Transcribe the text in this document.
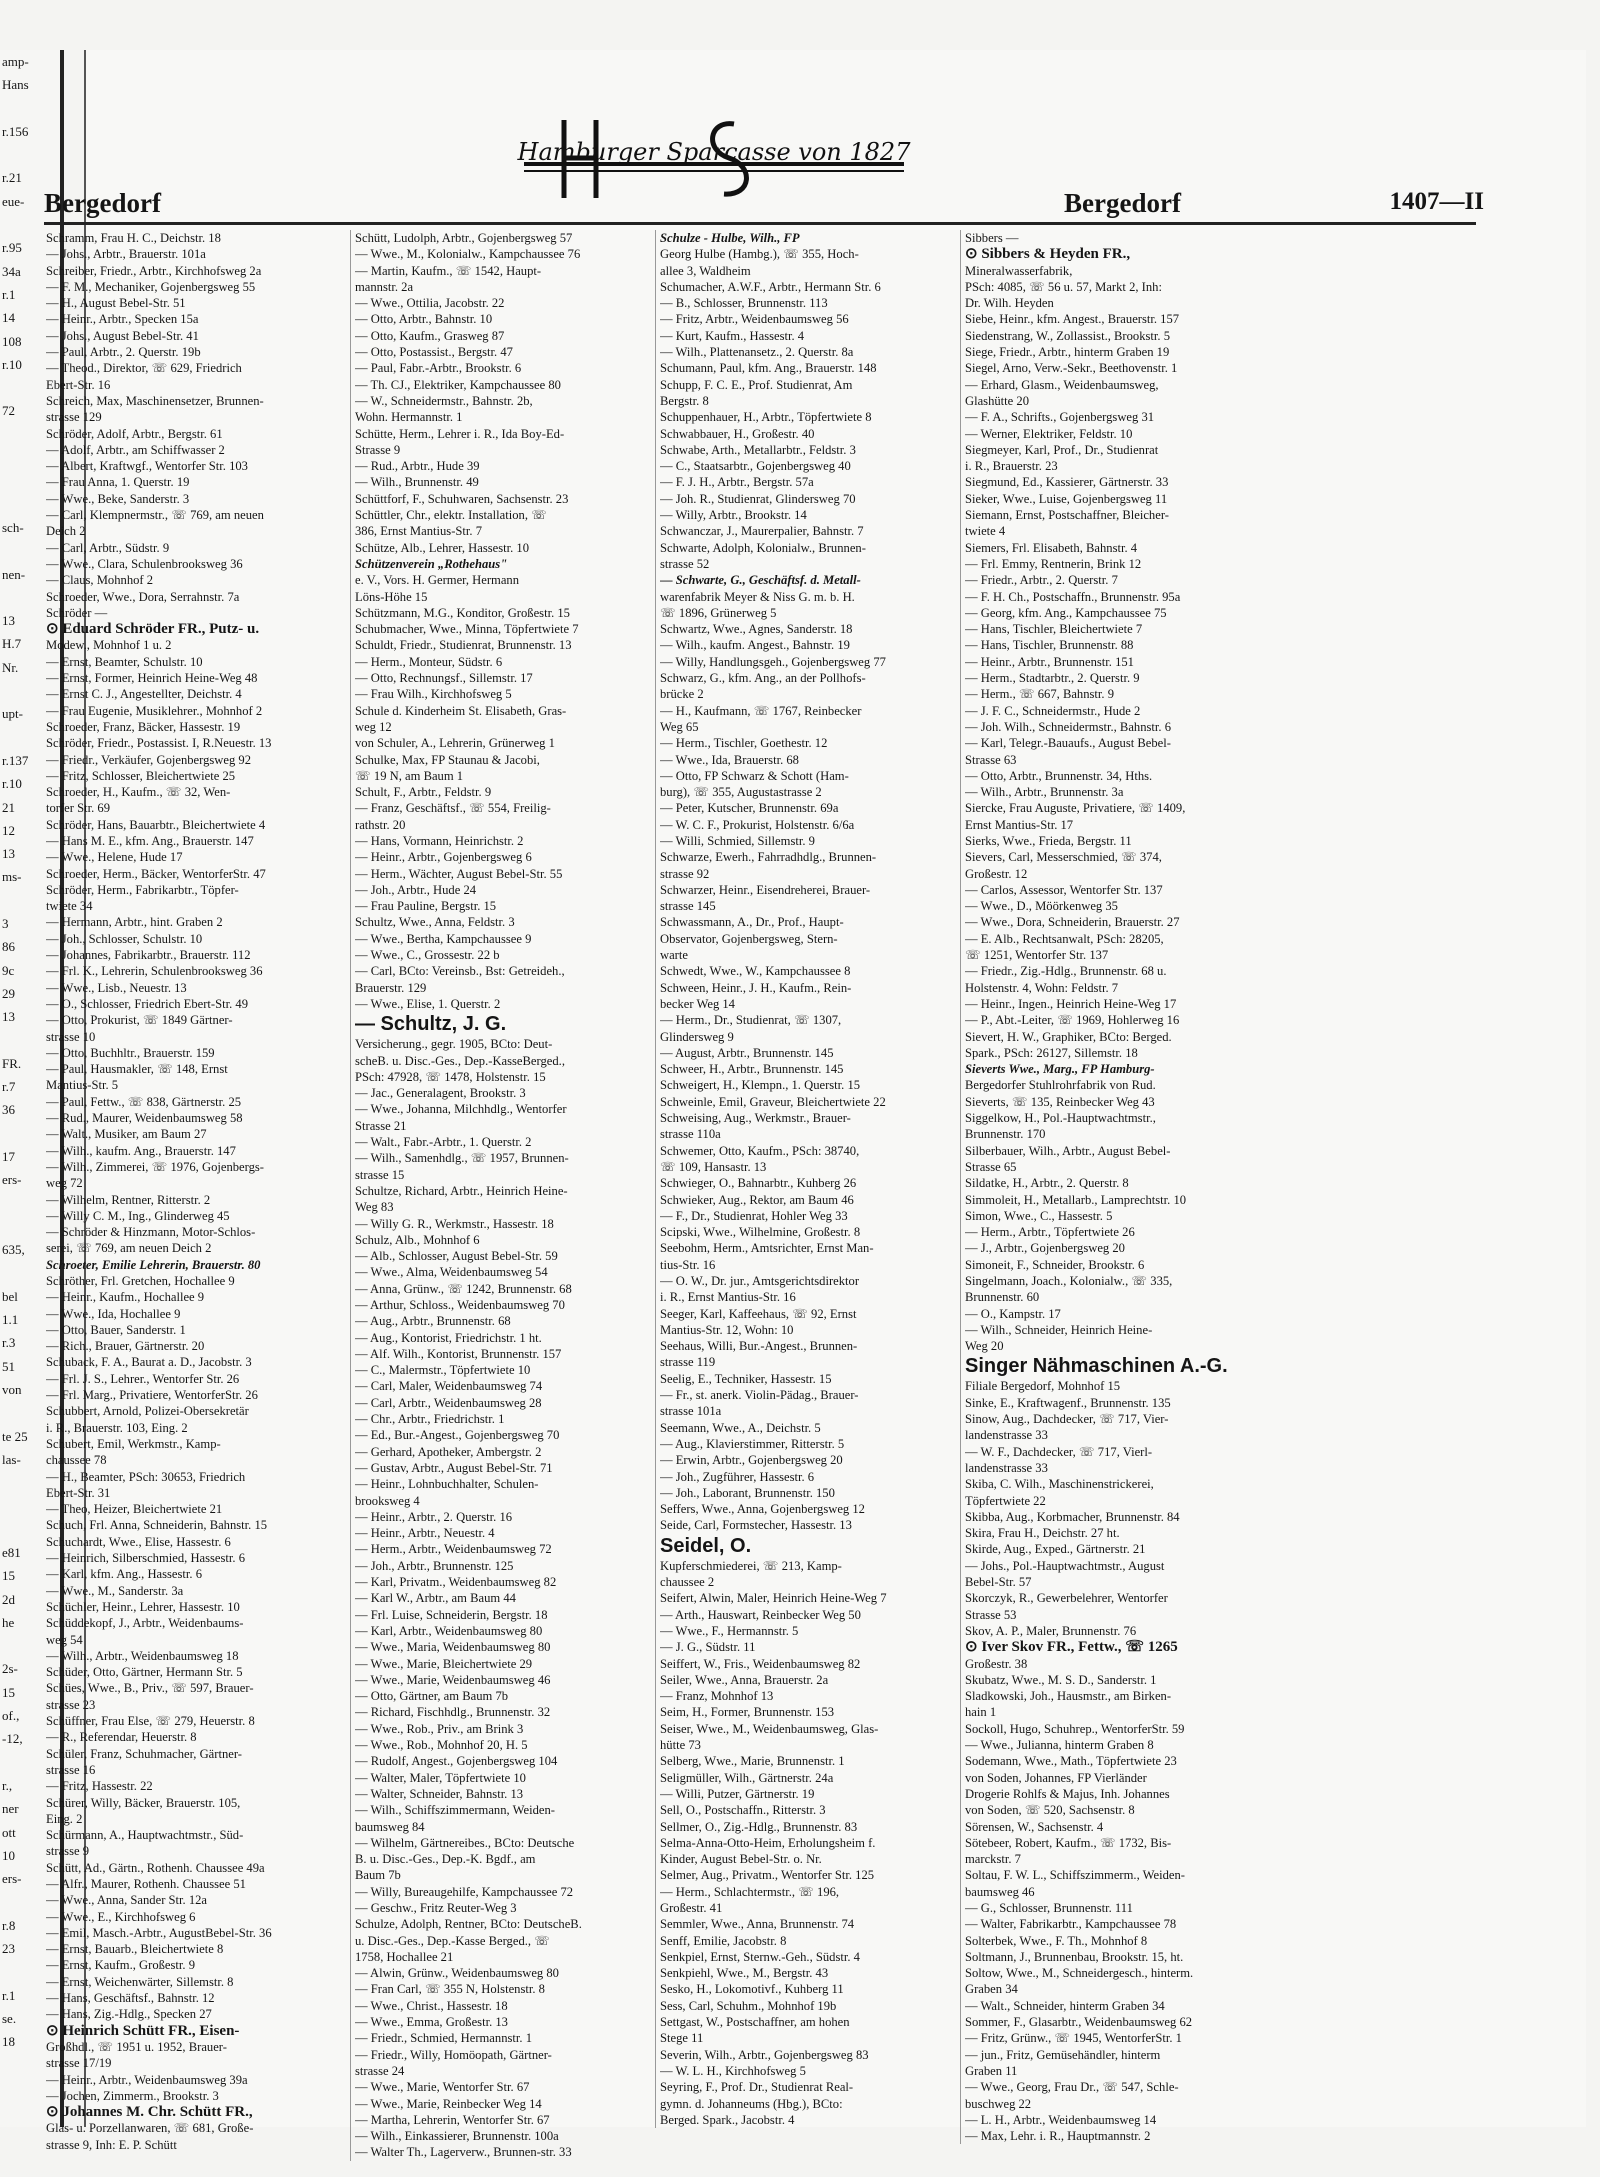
amp-
Hans

r.156

r.21
eue-

r.95
34a
r.1
14
108
r.10

72

sch-

nen-

13
H.7
Nr.

upt-

r.137
r.10
21
12
13
ms-

3
86
9c
29
13

FR.
r.7
36

17
ers-

635,

bel
1.1
r.3
51
von

te 25
las-

e81
15
2d
he

2s-
15
of.,
-12,

r.,
ner
ott
10
ers-

r.8
23

r.1
se.
18
Bergedorf
Hamburger Sparcasse von 1827
Bergedorf	1407—II
Schramm, Frau H. C., Deichstr. 18
— Johs., Arbtr., Brauerstr. 101a
Schreiber, Friedr., Arbtr., Kirchhofsweg 2a
— F. M., Mechaniker, Gojenbergsweg 55
— H., August Bebel-Str. 51
— Heinr., Arbtr., Specken 15a
— Johs., August Bebel-Str. 41
— Paul, Arbtr., 2. Querstr. 19b
— Theod., Direktor, ☏ 629, Friedrich
Ebert-Str. 16
Schreich, Max, Maschinensetzer, Brunnen-
strasse 129
Schröder, Adolf, Arbtr., Bergstr. 61
— Adolf, Arbtr., am Schiffwasser 2
— Albert, Kraftwgf., Wentorfer Str. 103
— Frau Anna, 1. Querstr. 19
— Wwe., Beke, Sanderstr. 3
— Carl, Klempnermstr., ☏ 769, am neuen
Deich 2
— Carl, Arbtr., Südstr. 9
— Wwe., Clara, Schulenbrooksweg 36
— Claus, Mohnhof 2
Schroeder, Wwe., Dora, Serrahnstr. 7a
Schröder —
⊙ Eduard Schröder FR., Putz- u.
Modew., Mohnhof 1 u. 2
— Ernst, Beamter, Schulstr. 10
— Ernst, Former, Heinrich Heine-Weg 48
— Ernst C. J., Angestellter, Deichstr. 4
— Frau Eugenie, Musiklehrer., Mohnhof 2
Schroeder, Franz, Bäcker, Hassestr. 19
Schröder, Friedr., Postassist. I, R.Neuestr. 13
— Friedr., Verkäufer, Gojenbergsweg 92
— Fritz, Schlosser, Bleichertwiete 25
Schroeder, H., Kaufm., ☏ 32, Wen-
torfer Str. 69
Schröder, Hans, Bauarbtr., Bleichertwiete 4
— Hans M. E., kfm. Ang., Brauerstr. 147
— Wwe., Helene, Hude 17
Schroeder, Herm., Bäcker, WentorferStr. 47
Schröder, Herm., Fabrikarbtr., Töpfer-
twiete 34
— Hermann, Arbtr., hint. Graben 2
— Joh., Schlosser, Schulstr. 10
— Johannes, Fabrikarbtr., Brauerstr. 112
— Frl. K., Lehrerin, Schulenbrooksweg 36
— Wwe., Lisb., Neuestr. 13
— O., Schlosser, Friedrich Ebert-Str. 49
— Otto, Prokurist, ☏ 1849 Gärtner-
strasse 10
— Otto, Buchhltr., Brauerstr. 159
— Paul, Hausmakler, ☏ 148, Ernst
Mantius-Str. 5
— Paul, Fettw., ☏ 838, Gärtnerstr. 25
— Rud., Maurer, Weidenbaumsweg 58
— Walt., Musiker, am Baum 27
— Wilh., kaufm. Ang., Brauerstr. 147
— Wilh., Zimmerei, ☏ 1976, Gojenbergs-
weg 72
— Wilhelm, Rentner, Ritterstr. 2
— Willy C. M., Ing., Glinderweg 45
— Schröder & Hinzmann, Motor-Schlos-
serei, ☏ 769, am neuen Deich 2
Schroeter, Emilie Lehrerin, Brauerstr. 80
Schröther, Frl. Gretchen, Hochallee 9
— Heinr., Kaufm., Hochallee 9
— Wwe., Ida, Hochallee 9
— Otto, Bauer, Sanderstr. 1
— Rich., Brauer, Gärtnerstr. 20
Schuback, F. A., Baurat a. D., Jacobstr. 3
— Frl. J. S., Lehrer., Wentorfer Str. 26
— Frl. Marg., Privatiere, WentorferStr. 26
Schubbert, Arnold, Polizei-Obersekretär
i. R., Brauerstr. 103, Eing. 2
Schubert, Emil, Werkmstr., Kamp-
chaussee 78
— H., Beamter, PSch: 30653, Friedrich
Ebert-Str. 31
— Theo, Heizer, Bleichertwiete 21
Schuch, Frl. Anna, Schneiderin, Bahnstr. 15
Schuchardt, Wwe., Elise, Hassestr. 6
— Heinrich, Silberschmied, Hassestr. 6
— Karl, kfm. Ang., Hassestr. 6
— Wwe., M., Sanderstr. 3a
Schüchler, Heinr., Lehrer, Hassestr. 10
Schüddekopf, J., Arbtr., Weidenbaums-
weg 54
— Wilh., Arbtr., Weidenbaumsweg 18
Schüder, Otto, Gärtner, Hermann Str. 5
Schües, Wwe., B., Priv., ☏ 597, Brauer-
strasse 23
Schüffner, Frau Else, ☏ 279, Heuerstr. 8
— R., Referendar, Heuerstr. 8
Schüler, Franz, Schuhmacher, Gärtner-
strasse 16
— Fritz, Hassestr. 22
Schürer, Willy, Bäcker, Brauerstr. 105,
Eing. 2
Schürmann, A., Hauptwachtmstr., Süd-
strasse 9
Schütt, Ad., Gärtn., Rothenh. Chaussee 49a
— Alfr., Maurer, Rothenh. Chaussee 51
— Wwe., Anna, Sander Str. 12a
— Wwe., E., Kirchhofsweg 6
— Emil, Masch.-Arbtr., AugustBebel-Str. 36
— Ernst, Bauarb., Bleichertwiete 8
— Ernst, Kaufm., Großestr. 9
— Ernst, Weichenwärter, Sillemstr. 8
— Hans, Geschäftsf., Bahnstr. 12
— Hans, Zig.-Hdlg., Specken 27
⊙ Heinrich Schütt FR., Eisen-
Großhdl., ☏ 1951 u. 1952, Brauer-
strasse 17/19
— Heinr., Arbtr., Weidenbaumsweg 39a
— Jochen, Zimmerm., Brookstr. 3
⊙ Johannes M. Chr. Schütt FR.,
Glas- u. Porzellanwaren, ☏ 681, Große-
strasse 9, Inh: E. P. Schütt
Schütt, Ludolph, Arbtr., Gojenbergsweg 57
— Wwe., M., Kolonialw., Kampchaussee 76
— Martin, Kaufm., ☏ 1542, Haupt-
mannstr. 2a
— Wwe., Ottilia, Jacobstr. 22
— Otto, Arbtr., Bahnstr. 10
— Otto, Kaufm., Grasweg 87
— Otto, Postassist., Bergstr. 47
— Paul, Fabr.-Arbtr., Brookstr. 6
— Th. CJ., Elektriker, Kampchaussee 80
— W., Schneidermstr., Bahnstr. 2b,
Wohn. Hermannstr. 1
Schütte, Herm., Lehrer i. R., Ida Boy-Ed-
Strasse 9
— Rud., Arbtr., Hude 39
— Wilh., Brunnenstr. 49
Schüttforf, F., Schuhwaren, Sachsenstr. 23
Schüttler, Chr., elektr. Installation, ☏
386, Ernst Mantius-Str. 7
Schütze, Alb., Lehrer, Hassestr. 10
Schützenverein „Rothehaus"
e. V., Vors. H. Germer, Hermann
Löns-Höhe 15
Schützmann, M.G., Konditor, Großestr. 15
Schubmacher, Wwe., Minna, Töpfertwiete 7
Schuldt, Friedr., Studienrat, Brunnenstr. 13
— Herm., Monteur, Südstr. 6
— Otto, Rechnungsf., Sillemstr. 17
— Frau Wilh., Kirchhofsweg 5
Schule d. Kinderheim St. Elisabeth, Gras-
weg 12
von Schuler, A., Lehrerin, Grünerweg 1
Schulke, Max, FP Staunau & Jacobi,
☏ 19 N, am Baum 1
Schult, F., Arbtr., Feldstr. 9
— Franz, Geschäftsf., ☏ 554, Freilig-
rathstr. 20
— Hans, Vormann, Heinrichstr. 2
— Heinr., Arbtr., Gojenbergsweg 6
— Herm., Wächter, August Bebel-Str. 55
— Joh., Arbtr., Hude 24
— Frau Pauline, Bergstr. 15
Schultz, Wwe., Anna, Feldstr. 3
— Wwe., Bertha, Kampchaussee 9
— Wwe., C., Grossestr. 22 b
— Carl, BCto: Vereinsb., Bst: Getreideh.,
Brauerstr. 129
— Wwe., Elise, 1. Querstr. 2
— Schultz, J. G.
Versicherung., gegr. 1905, BCto: Deut-
scheB. u. Disc.-Ges., Dep.-KasseBerged.,
PSch: 47928, ☏ 1478, Holstenstr. 15
— Jac., Generalagent, Brookstr. 3
— Wwe., Johanna, Milchhdlg., Wentorfer
Strasse 21
— Walt., Fabr.-Arbtr., 1. Querstr. 2
— Wilh., Samenhdlg., ☏ 1957, Brunnen-
strasse 15
Schultze, Richard, Arbtr., Heinrich Heine-
Weg 83
— Willy G. R., Werkmstr., Hassestr. 18
Schulz, Alb., Mohnhof 6
— Alb., Schlosser, August Bebel-Str. 59
— Wwe., Alma, Weidenbaumsweg 54
— Anna, Grünw., ☏ 1242, Brunnenstr. 68
— Arthur, Schloss., Weidenbaumsweg 70
— Aug., Arbtr., Brunnenstr. 68
— Aug., Kontorist, Friedrichstr. 1 ht.
— Alf. Wilh., Kontorist, Brunnenstr. 157
— C., Malermstr., Töpfertwiete 10
— Carl, Maler, Weidenbaumsweg 74
— Carl, Arbtr., Weidenbaumsweg 28
— Chr., Arbtr., Friedrichstr. 1
— Ed., Bur.-Angest., Gojenbergsweg 70
— Gerhard, Apotheker, Ambergstr. 2
— Gustav, Arbtr., August Bebel-Str. 71
— Heinr., Lohnbuchhalter, Schulen-
brooksweg 4
— Heinr., Arbtr., 2. Querstr. 16
— Heinr., Arbtr., Neuestr. 4
— Herm., Arbtr., Weidenbaumsweg 72
— Joh., Arbtr., Brunnenstr. 125
— Karl, Privatm., Weidenbaumsweg 82
— Karl W., Arbtr., am Baum 44
— Frl. Luise, Schneiderin, Bergstr. 18
— Karl, Arbtr., Weidenbaumsweg 80
— Wwe., Maria, Weidenbaumsweg 80
— Wwe., Marie, Bleichertwiete 29
— Wwe., Marie, Weidenbaumsweg 46
— Otto, Gärtner, am Baum 7b
— Richard, Fischhdlg., Brunnenstr. 32
— Wwe., Rob., Priv., am Brink 3
— Wwe., Rob., Mohnhof 20, H. 5
— Rudolf, Angest., Gojenbergsweg 104
— Walter, Maler, Töpfertwiete 10
— Walter, Schneider, Bahnstr. 13
— Wilh., Schiffszimmermann, Weiden-
baumsweg 84
— Wilhelm, Gärtnereibes., BCto: Deutsche
B. u. Disc.-Ges., Dep.-K. Bgdf., am
Baum 7b
— Willy, Bureaugehilfe, Kampchaussee 72
— Geschw., Fritz Reuter-Weg 3
Schulze, Adolph, Rentner, BCto: DeutscheB.
u. Disc.-Ges., Dep.-Kasse Berged., ☏
1758, Hochallee 21
— Alwin, Grünw., Weidenbaumsweg 80
— Fran Carl, ☏ 355 N, Holstenstr. 8
— Wwe., Christ., Hassestr. 18
— Wwe., Emma, Großestr. 13
— Friedr., Schmied, Hermannstr. 1
— Friedr., Willy, Homöopath, Gärtner-
strasse 24
— Wwe., Marie, Wentorfer Str. 67
— Wwe., Marie, Reinbecker Weg 14
— Martha, Lehrerin, Wentorfer Str. 67
— Wilh., Einkassierer, Brunnenstr. 100a
— Walter Th., Lagerverw., Brunnen-str. 33
Schulze - Hulbe, Wilh., FP
Georg Hulbe (Hambg.), ☏ 355, Hoch-
allee 3, Waldheim
Schumacher, A.W.F., Arbtr., Hermann Str. 6
— B., Schlosser, Brunnenstr. 113
— Fritz, Arbtr., Weidenbaumsweg 56
— Kurt, Kaufm., Hassestr. 4
— Wilh., Plattenansetz., 2. Querstr. 8a
Schumann, Paul, kfm. Ang., Brauerstr. 148
Schupp, F. C. E., Prof. Studienrat, Am
Bergstr. 8
Schuppenhauer, H., Arbtr., Töpfertwiete 8
Schwabbauer, H., Großestr. 40
Schwabe, Arth., Metallarbtr., Feldstr. 3
— C., Staatsarbtr., Gojenbergsweg 40
— F. J. H., Arbtr., Bergstr. 57a
— Joh. R., Studienrat, Glindersweg 70
— Willy, Arbtr., Brookstr. 14
Schwanczar, J., Maurerpalier, Bahnstr. 7
Schwarte, Adolph, Kolonialw., Brunnen-
strasse 52
— Schwarte, G., Geschäftsf. d. Metall-
warenfabrik Meyer & Niss G. m. b. H.
☏ 1896, Grünerweg 5
Schwartz, Wwe., Agnes, Sanderstr. 18
— Wilh., kaufm. Angest., Bahnstr. 19
— Willy, Handlungsgeh., Gojenbergsweg 77
Schwarz, G., kfm. Ang., an der Pollhofs-
brücke 2
— H., Kaufmann, ☏ 1767, Reinbecker
Weg 65
— Herm., Tischler, Goethestr. 12
— Wwe., Ida, Brauerstr. 68
— Otto, FP Schwarz & Schott (Ham-
burg), ☏ 355, Augustastrasse 2
— Peter, Kutscher, Brunnenstr. 69a
— W. C. F., Prokurist, Holstenstr. 6/6a
— Willi, Schmied, Sillemstr. 9
Schwarze, Ewerh., Fahrradhdlg., Brunnen-
strasse 92
Schwarzer, Heinr., Eisendreherei, Brauer-
strasse 145
Schwassmann, A., Dr., Prof., Haupt-
Observator, Gojenbergsweg, Stern-
warte
Schwedt, Wwe., W., Kampchaussee 8
Schween, Heinr., J. H., Kaufm., Rein-
becker Weg 14
— Herm., Dr., Studienrat, ☏ 1307,
Glindersweg 9
— August, Arbtr., Brunnenstr. 145
Schweer, H., Arbtr., Brunnenstr. 145
Schweigert, H., Klempn., 1. Querstr. 15
Schweinle, Emil, Graveur, Bleichertwiete 22
Schweising, Aug., Werkmstr., Brauer-
strasse 110a
Schwemer, Otto, Kaufm., PSch: 38740,
☏ 109, Hansastr. 13
Schwieger, O., Bahnarbtr., Kuhberg 26
Schwieker, Aug., Rektor, am Baum 46
— F., Dr., Studienrat, Hohler Weg 33
Scipski, Wwe., Wilhelmine, Großestr. 8
Seebohm, Herm., Amtsrichter, Ernst Man-
tius-Str. 16
— O. W., Dr. jur., Amtsgerichtsdirektor
i. R., Ernst Mantius-Str. 16
Seeger, Karl, Kaffeehaus, ☏ 92, Ernst
Mantius-Str. 12, Wohn: 10
Seehaus, Willi, Bur.-Angest., Brunnen-
strasse 119
Seelig, E., Techniker, Hassestr. 15
— Fr., st. anerk. Violin-Pädag., Brauer-
strasse 101a
Seemann, Wwe., A., Deichstr. 5
— Aug., Klavierstimmer, Ritterstr. 5
— Erwin, Arbtr., Gojenbergsweg 20
— Joh., Zugführer, Hassestr. 6
— Joh., Laborant, Brunnenstr. 150
Seffers, Wwe., Anna, Gojenbergsweg 12
Seide, Carl, Formstecher, Hassestr. 13
Seidel, O.
Kupferschmiederei, ☏ 213, Kamp-
chaussee 2
Seifert, Alwin, Maler, Heinrich Heine-Weg 7
— Arth., Hauswart, Reinbecker Weg 50
— Wwe., F., Hermannstr. 5
— J. G., Südstr. 11
Seiffert, W., Fris., Weidenbaumsweg 82
Seiler, Wwe., Anna, Brauerstr. 2a
— Franz, Mohnhof 13
Seim, H., Former, Brunnenstr. 153
Seiser, Wwe., M., Weidenbaumsweg, Glas-
hütte 73
Selberg, Wwe., Marie, Brunnenstr. 1
Seligmüller, Wilh., Gärtnerstr. 24a
— Willi, Putzer, Gärtnerstr. 19
Sell, O., Postschaffn., Ritterstr. 3
Sellmer, O., Zig.-Hdlg., Brunnenstr. 83
Selma-Anna-Otto-Heim, Erholungsheim f.
Kinder, August Bebel-Str. o. Nr.
Selmer, Aug., Privatm., Wentorfer Str. 125
— Herm., Schlachtermstr., ☏ 196,
Großestr. 41
Semmler, Wwe., Anna, Brunnenstr. 74
Senff, Emilie, Jacobstr. 8
Senkpiel, Ernst, Sternw.-Geh., Südstr. 4
Senkpiehl, Wwe., M., Bergstr. 43
Sesko, H., Lokomotivf., Kuhberg 11
Sess, Carl, Schuhm., Mohnhof 19b
Settgast, W., Postschaffner, am hohen
Stege 11
Severin, Wilh., Arbtr., Gojenbergsweg 83
— W. L. H., Kirchhofsweg 5
Seyring, F., Prof. Dr., Studienrat Real-
gymn. d. Johanneums (Hbg.), BCto:
Berged. Spark., Jacobstr. 4
Sibbers —
⊙ Sibbers & Heyden FR.,
Mineralwasserfabrik,
PSch: 4085, ☏ 56 u. 57, Markt 2, Inh:
Dr. Wilh. Heyden
Siebe, Heinr., kfm. Angest., Brauerstr. 157
Siedenstrang, W., Zollassist., Brookstr. 5
Siege, Friedr., Arbtr., hinterm Graben 19
Siegel, Arno, Verw.-Sekr., Beethovenstr. 1
— Erhard, Glasm., Weidenbaumsweg,
Glashütte 20
— F. A., Schrifts., Gojenbergsweg 31
— Werner, Elektriker, Feldstr. 10
Siegmeyer, Karl, Prof., Dr., Studienrat
i. R., Brauerstr. 23
Siegmund, Ed., Kassierer, Gärtnerstr. 33
Sieker, Wwe., Luise, Gojenbergsweg 11
Siemann, Ernst, Postschaffner, Bleicher-
twiete 4
Siemers, Frl. Elisabeth, Bahnstr. 4
— Frl. Emmy, Rentnerin, Brink 12
— Friedr., Arbtr., 2. Querstr. 7
— F. H. Ch., Postschaffn., Brunnenstr. 95a
— Georg, kfm. Ang., Kampchaussee 75
— Hans, Tischler, Bleichertwiete 7
— Hans, Tischler, Brunnenstr. 88
— Heinr., Arbtr., Brunnenstr. 151
— Herm., Stadtarbtr., 2. Querstr. 9
— Herm., ☏ 667, Bahnstr. 9
— J. F. C., Schneidermstr., Hude 2
— Joh. Wilh., Schneidermstr., Bahnstr. 6
— Karl, Telegr.-Bauaufs., August Bebel-
Strasse 63
— Otto, Arbtr., Brunnenstr. 34, Hths.
— Wilh., Arbtr., Brunnenstr. 3a
Siercke, Frau Auguste, Privatiere, ☏ 1409,
Ernst Mantius-Str. 17
Sierks, Wwe., Frieda, Bergstr. 11
Sievers, Carl, Messerschmied, ☏ 374,
Großestr. 12
— Carlos, Assessor, Wentorfer Str. 137
— Wwe., D., Möörkenweg 35
— Wwe., Dora, Schneiderin, Brauerstr. 27
— E. Alb., Rechtsanwalt, PSch: 28205,
☏ 1251, Wentorfer Str. 137
— Friedr., Zig.-Hdlg., Brunnenstr. 68 u.
Holstenstr. 4, Wohn: Feldstr. 7
— Heinr., Ingen., Heinrich Heine-Weg 17
— P., Abt.-Leiter, ☏ 1969, Hohlerweg 16
Sievert, H. W., Graphiker, BCto: Berged.
Spark., PSch: 26127, Sillemstr. 18
Sieverts Wwe., Marg., FP Hamburg-
Bergedorfer Stuhlrohrfabrik von Rud.
Sieverts, ☏ 135, Reinbecker Weg 43
Siggelkow, H., Pol.-Hauptwachtmstr.,
Brunnenstr. 170
Silberbauer, Wilh., Arbtr., August Bebel-
Strasse 65
Sildatke, H., Arbtr., 2. Querstr. 8
Simmoleit, H., Metallarb., Lamprechtstr. 10
Simon, Wwe., C., Hassestr. 5
— Herm., Arbtr., Töpfertwiete 26
— J., Arbtr., Gojenbergsweg 20
Simoneit, F., Schneider, Brookstr. 6
Singelmann, Joach., Kolonialw., ☏ 335,
Brunnenstr. 60
— O., Kampstr. 17
— Wilh., Schneider, Heinrich Heine-
Weg 20
Singer Nähmaschinen A.-G.
Filiale Bergedorf, Mohnhof 15
Sinke, E., Kraftwagenf., Brunnenstr. 135
Sinow, Aug., Dachdecker, ☏ 717, Vier-
landenstrasse 33
— W. F., Dachdecker, ☏ 717, Vierl-
landenstrasse 33
Skiba, C. Wilh., Maschinenstrickerei,
Töpfertwiete 22
Skibba, Aug., Korbmacher, Brunnenstr. 84
Skira, Frau H., Deichstr. 27 ht.
Skirde, Aug., Exped., Gärtnerstr. 21
— Johs., Pol.-Hauptwachtmstr., August
Bebel-Str. 57
Skorczyk, R., Gewerbelehrer, Wentorfer
Strasse 53
Skov, A. P., Maler, Brunnenstr. 76
⊙ Iver Skov FR., Fettw., ☏ 1265
Großestr. 38
Skubatz, Wwe., M. S. D., Sanderstr. 1
Sladkowski, Joh., Hausmstr., am Birken-
hain 1
Sockoll, Hugo, Schuhrep., WentorferStr. 59
— Wwe., Julianna, hinterm Graben 8
Sodemann, Wwe., Math., Töpfertwiete 23
von Soden, Johannes, FP Vierländer
Drogerie Rohlfs & Majus, Inh. Johannes
von Soden, ☏ 520, Sachsenstr. 8
Sörensen, W., Sachsenstr. 4
Sötebeer, Robert, Kaufm., ☏ 1732, Bis-
marckstr. 7
Soltau, F. W. L., Schiffszimmerm., Weiden-
baumsweg 46
— G., Schlosser, Brunnenstr. 111
— Walter, Fabrikarbtr., Kampchaussee 78
Solterbek, Wwe., F. Th., Mohnhof 8
Soltmann, J., Brunnenbau, Brookstr. 15, ht.
Soltow, Wwe., M., Schneidergesch., hinterm.
Graben 34
— Walt., Schneider, hinterm Graben 34
Sommer, F., Glasarbtr., Weidenbaumsweg 62
— Fritz, Grünw., ☏ 1945, WentorferStr. 1
— jun., Fritz, Gemüsehändler, hinterm
Graben 11
— Wwe., Georg, Frau Dr., ☏ 547, Schle-
buschweg 22
— L. H., Arbtr., Weidenbaumsweg 14
— Max, Lehr. i. R., Hauptmannstr. 2
